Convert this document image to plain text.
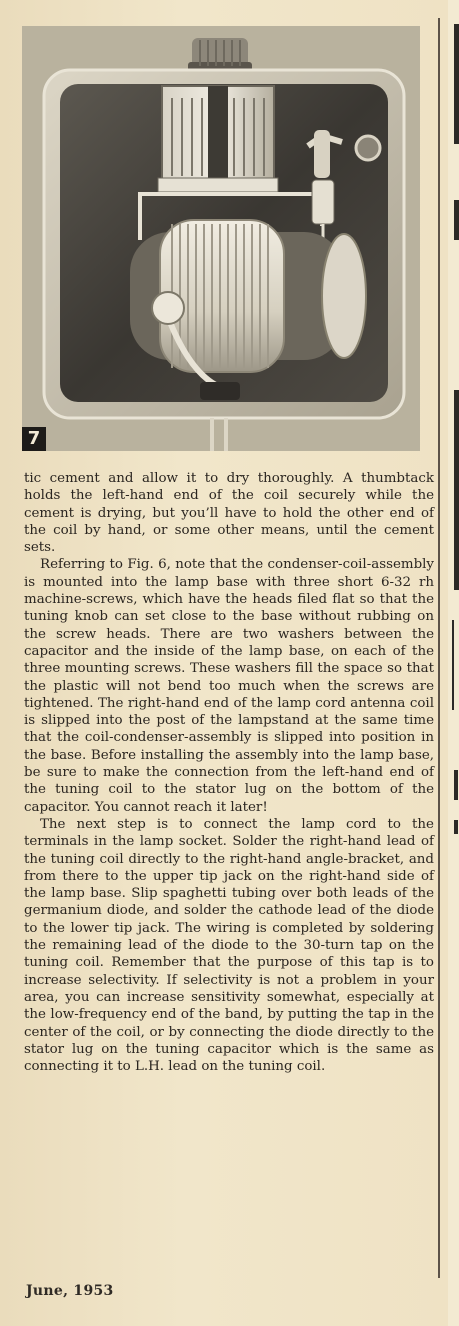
7

tic cement and allow it to dry thoroughly. A thumbtack holds the left-hand end of the coil securely while the cement is drying, but you’ll have to hold the other end of the coil by hand, or some other means, until the cement sets.

Referring to Fig. 6, note that the condenser-coil-assembly is mounted into the lamp base with three short 6-32 rh machine-screws, which have the heads filed flat so that the tuning knob can set close to the base without rubbing on the screw heads. There are two washers between the capacitor and the inside of the lamp base, on each of the three mounting screws. These washers fill the space so that the plastic will not bend too much when the screws are tightened. The right-hand end of the lamp cord antenna coil is slipped into the post of the lampstand at the same time that the coil-condenser-assembly is slipped into position in the base. Before installing the assembly into the lamp base, be sure to make the connection from the left-hand end of the tuning coil to the stator lug on the bottom of the capacitor. You cannot reach it later!

The next step is to connect the lamp cord to the terminals in the lamp socket. Solder the right-hand lead of the tuning coil directly to the right-hand angle-bracket, and from there to the upper tip jack on the right-hand side of the lamp base. Slip spaghetti tubing over both leads of the germanium diode, and solder the cathode lead of the diode to the lower tip jack. The wiring is completed by soldering the remaining lead of the diode to the 30-turn tap on the tuning coil. Remember that the purpose of this tap is to increase selectivity. If selectivity is not a problem in your area, you can increase sensitivity somewhat, especially at the low-frequency end of the band, by putting the tap in the center of the coil, or by connecting the diode directly to the stator lug on the tuning capacitor which is the same as connecting it to L.H. lead on the tuning coil.

June, 1953
